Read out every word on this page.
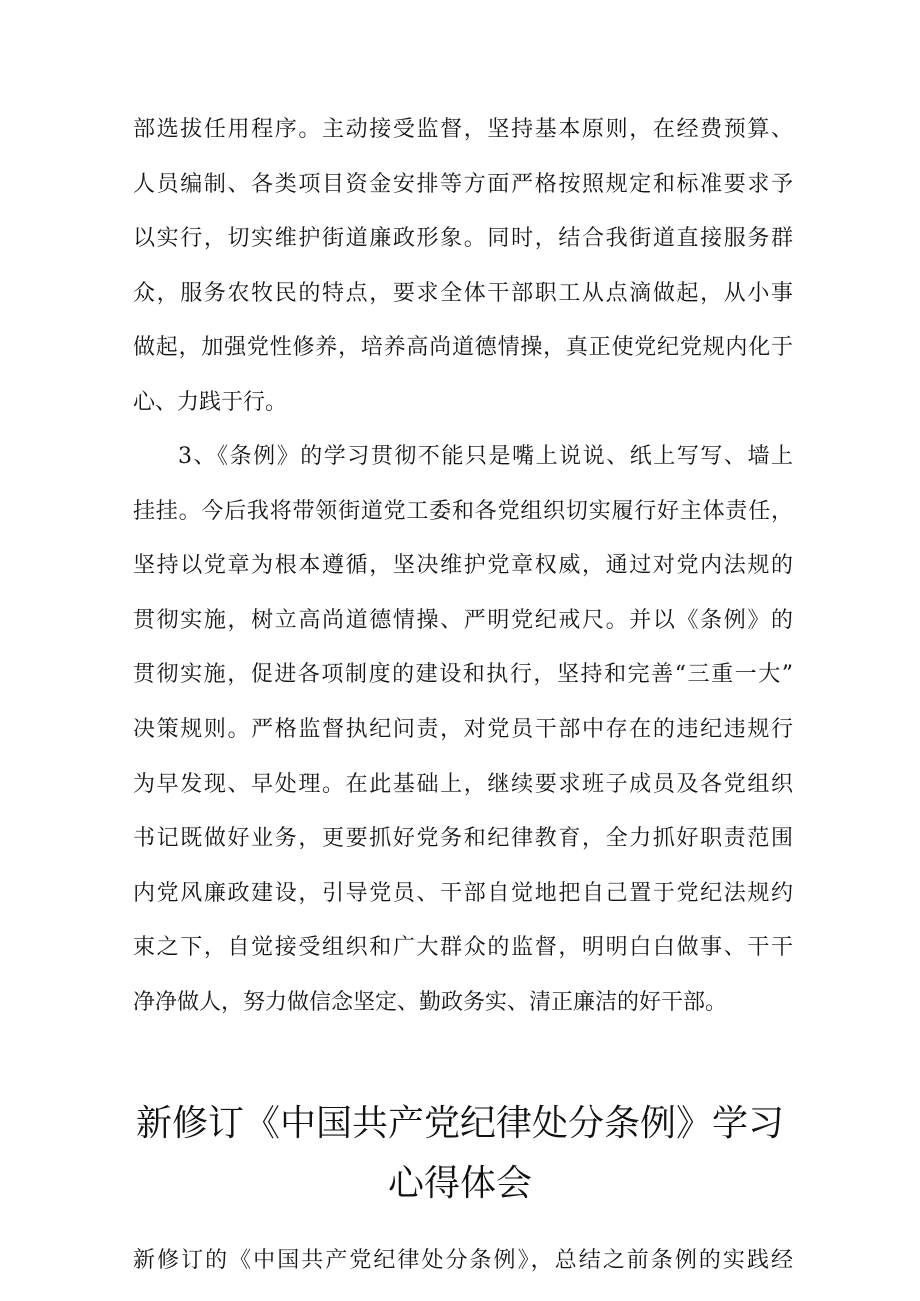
部选拔任用程序。主动接受监督，坚持基本原则，在经费预算、
人员编制、各类项目资金安排等方面严格按照规定和标准要求予
以实行，切实维护街道廉政形象。同时，结合我街道直接服务群
众，服务农牧民的特点，要求全体干部职工从点滴做起，从小事
做起，加强党性修养，培养高尚道德情操，真正使党纪党规内化于
心、力践于行。
3、《条例》的学习贯彻不能只是嘴上说说、纸上写写、墙上
挂挂。今后我将带领街道党工委和各党组织切实履行好主体责任，
坚持以党章为根本遵循，坚决维护党章权威，通过对党内法规的
贯彻实施，树立高尚道德情操、严明党纪戒尺。并以《条例》的
贯彻实施，促进各项制度的建设和执行，坚持和完善“三重一大”
决策规则。严格监督执纪问责，对党员干部中存在的违纪违规行
为早发现、早处理。在此基础上，继续要求班子成员及各党组织
书记既做好业务，更要抓好党务和纪律教育，全力抓好职责范围
内党风廉政建设，引导党员、干部自觉地把自己置于党纪法规约
束之下，自觉接受组织和广大群众的监督，明明白白做事、干干
净净做人，努力做信念坚定、勤政务实、清正廉洁的好干部。
新修订《中国共产党纪律处分条例》学习
心得体会
新修订的《中国共产党纪律处分条例》，总结之前条例的实践经
